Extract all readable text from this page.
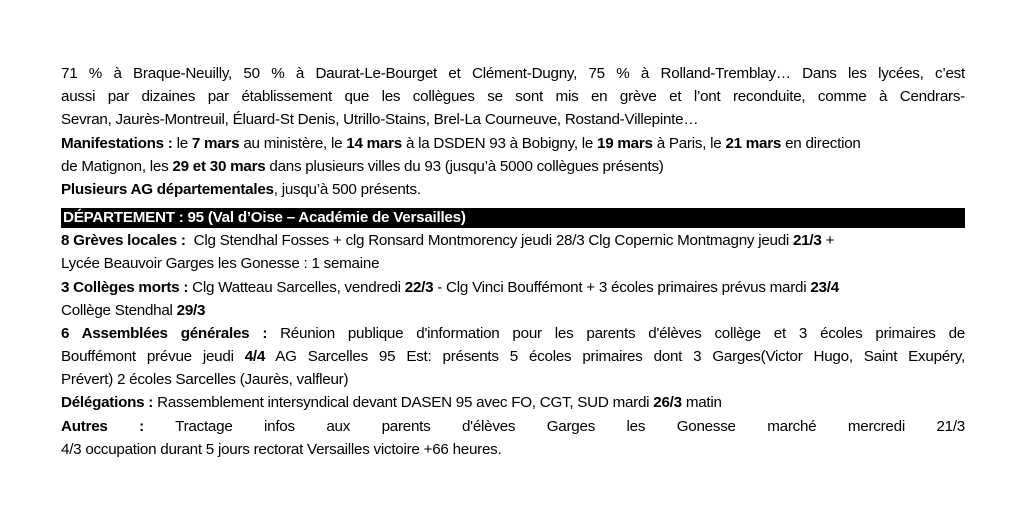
71 % à Braque-Neuilly, 50 % à Daurat-Le-Bourget et Clément-Dugny, 75 % à Rolland-Tremblay… Dans les lycées, c’est
aussi par dizaines par établissement que les collègues se sont mis en grève et l’ont reconduite, comme à Cendrars-
Sevran, Jaurès-Montreuil, Éluard-St Denis, Utrillo-Stains, Brel-La Courneuve, Rostand-Villepinte…
Manifestations : le 7 mars au ministère, le 14 mars à la DSDEN 93 à Bobigny, le 19 mars à Paris, le 21 mars en direction
de Matignon, les 29 et 30 mars dans plusieurs villes du 93 (jusqu’à 5000 collègues présents)
Plusieurs AG départementales, jusqu’à 500 présents.
DÉPARTEMENT : 95 (Val d’Oise – Académie de Versailles)
8 Grèves locales :  Clg Stendhal Fosses + clg Ronsard Montmorency jeudi 28/3 Clg Copernic Montmagny jeudi 21/3 +
Lycée Beauvoir Garges les Gonesse : 1 semaine
3 Collèges morts : Clg Watteau Sarcelles, vendredi 22/3 - Clg Vinci Bouffémont + 3 écoles primaires prévus mardi 23/4
Collège Stendhal 29/3
6 Assemblées générales : Réunion publique d'information pour les parents d'élèves collège et 3 écoles primaires de
Bouffémont prévue jeudi 4/4 AG Sarcelles 95 Est: présents 5 écoles primaires dont 3 Garges(Victor Hugo, Saint Exupéry,
Prévert) 2 écoles Sarcelles (Jaurès, valfleur)
Délégations : Rassemblement intersyndical devant DASEN 95 avec FO, CGT, SUD mardi 26/3 matin
Autres : Tractage infos aux parents d'élèves Garges les Gonesse marché mercredi 21/3
4/3 occupation durant 5 jours rectorat Versailles victoire +66 heures.
